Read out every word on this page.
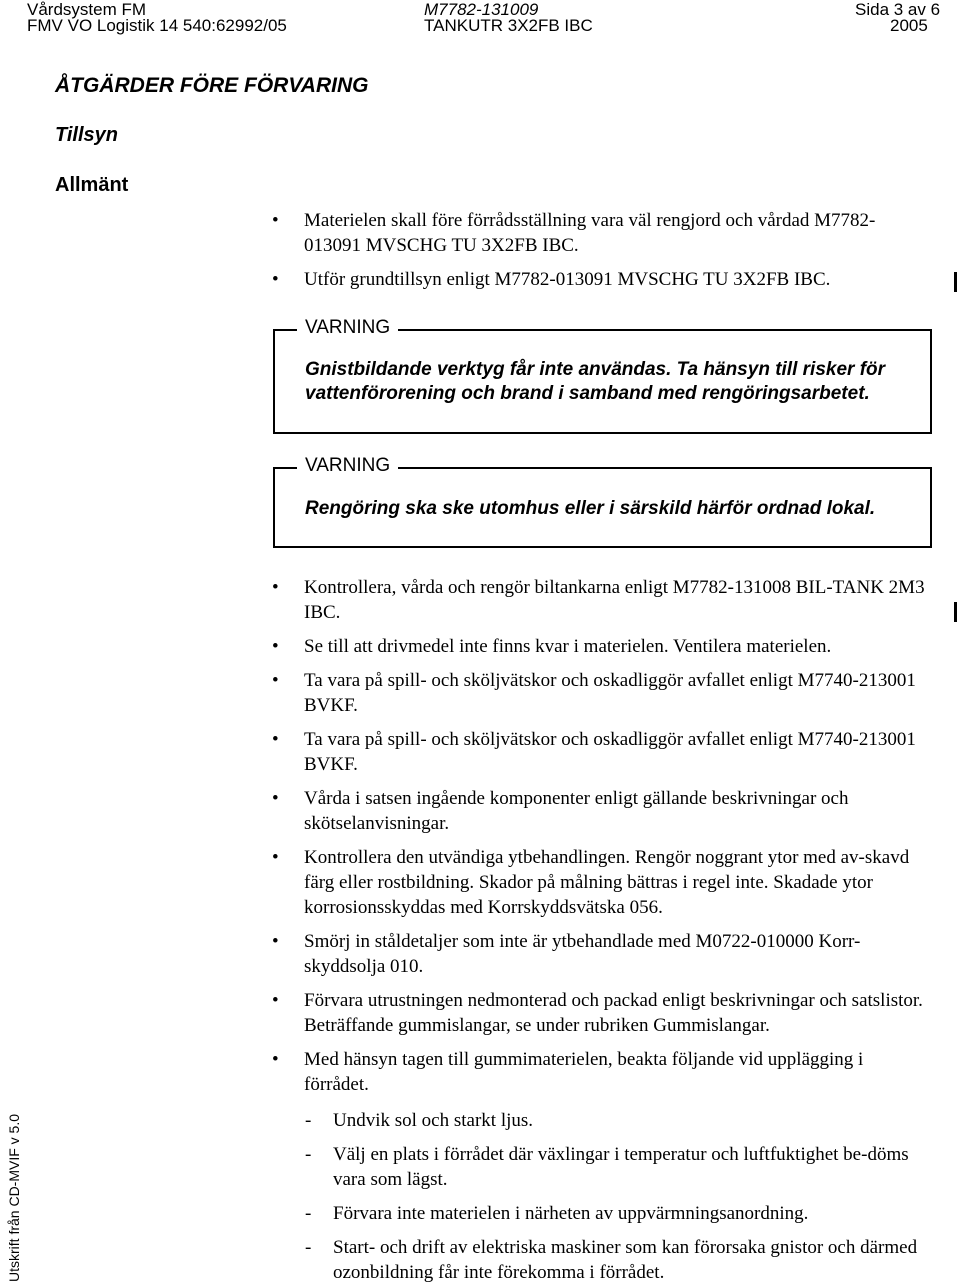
Vårdsystem FM	M7782-131009	Sida 3 av 6
FMV VO Logistik 14 540:62992/05	TANKUTR 3X2FB IBC	2005
ÅTGÄRDER FÖRE FÖRVARING
Tillsyn
Allmänt
• Materielen skall före förrådsställning vara väl rengjord och vårdad M7782-013091 MVSCHG TU 3X2FB IBC.
• Utför grundtillsyn enligt M7782-013091 MVSCHG TU 3X2FB IBC.
VARNING
Gnistbildande verktyg får inte användas. Ta hänsyn till risker för vattenförorening och brand i samband med rengöringsarbetet.
VARNING
Rengöring ska ske utomhus eller i särskild härför ordnad lokal.
• Kontrollera, vårda och rengör biltankarna enligt M7782-131008 BIL-TANK 2M3 IBC.
• Se till att drivmedel inte finns kvar i materielen. Ventilera materielen.
• Ta vara på spill- och sköljvätskor och oskadliggör avfallet enligt M7740-213001 BVKF.
• Ta vara på spill- och sköljvätskor och oskadliggör avfallet enligt M7740-213001 BVKF.
• Vårda i satsen ingående komponenter enligt gällande beskrivningar och skötselanvisningar.
• Kontrollera den utvändiga ytbehandlingen. Rengör noggrant ytor med av-skavd färg eller rostbildning. Skador på målning bättras i regel inte. Skadade ytor korrosionsskyddas med Korrskyddsvätska 056.
• Smörj in ståldetaljer som inte är ytbehandlade med M0722-010000 Korr-skyddsolja 010.
• Förvara utrustningen nedmonterad och packad enligt beskrivningar och satslistor. Beträffande gummislangar, se under rubriken Gummislangar.
• Med hänsyn tagen till gummimaterielen, beakta följande vid upplägging i förrådet.
- Undvik sol och starkt ljus.
- Välj en plats i förrådet där växlingar i temperatur och luftfuktighet be-döms vara som lägst.
- Förvara inte materielen i närheten av uppvärmningsanordning.
- Start- och drift av elektriska maskiner som kan förorsaka gnistor och därmed ozonbildning får inte förekomma i förrådet.
Utskrift från CD-MVIF v 5.0
